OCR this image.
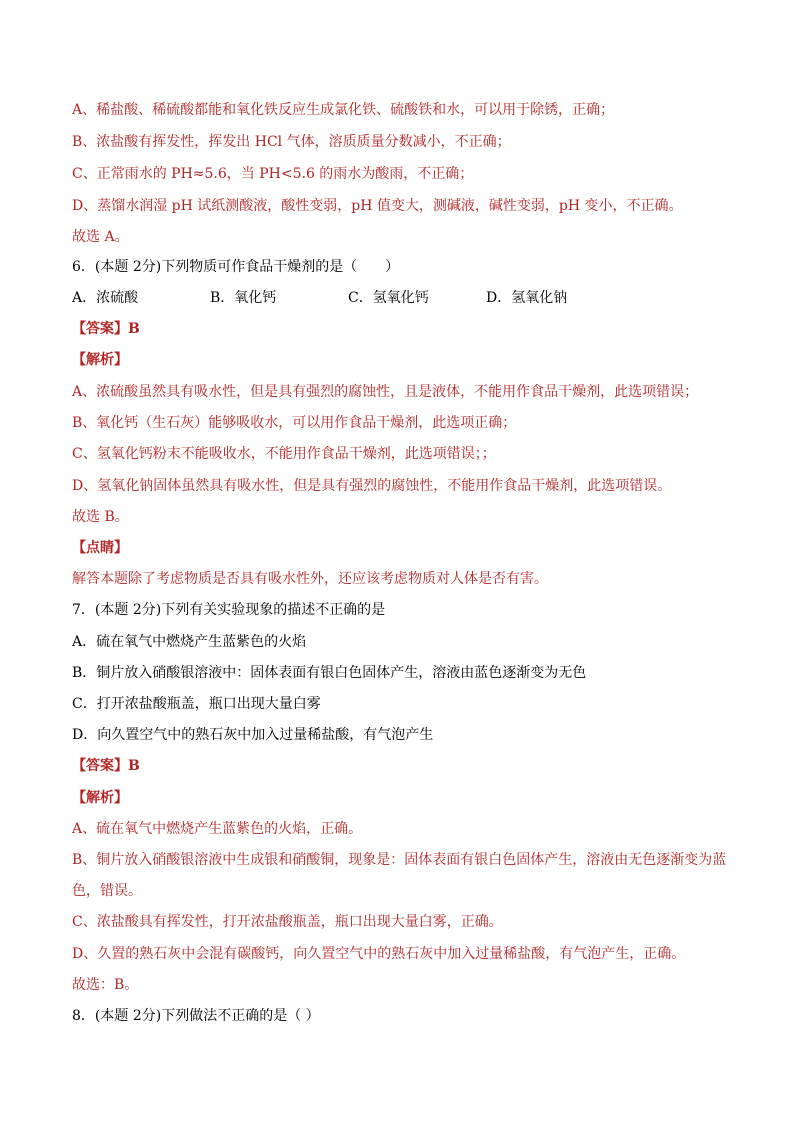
A、稀盐酸、稀硫酸都能和氧化铁反应生成氯化铁、硫酸铁和水，可以用于除锈，正确；
B、浓盐酸有挥发性，挥发出 HCl 气体，溶质质量分数减小，不正确；
C、正常雨水的 PH≈5.6，当 PH<5.6 的雨水为酸雨，不正确；
D、蒸馏水润湿 pH 试纸测酸液，酸性变弱，pH 值变大，测碱液，碱性变弱，pH 变小，不正确。
故选 A。
6．(本题 2分)下列物质可作食品干燥剂的是（　　）
A．浓硫酸	B．氧化钙	C．氢氧化钙	D．氢氧化钠
【答案】B
【解析】
A、浓硫酸虽然具有吸水性，但是具有强烈的腐蚀性，且是液体，不能用作食品干燥剂，此选项错误；
B、氧化钙（生石灰）能够吸收水，可以用作食品干燥剂，此选项正确；
C、氢氧化钙粉末不能吸收水，不能用作食品干燥剂，此选项错误；；
D、氢氧化钠固体虽然具有吸水性，但是具有强烈的腐蚀性，不能用作食品干燥剂，此选项错误。
故选 B。
【点睛】
解答本题除了考虑物质是否具有吸水性外，还应该考虑物质对人体是否有害。
7．(本题 2分)下列有关实验现象的描述不正确的是
A．硫在氧气中燃烧产生蓝紫色的火焰
B．铜片放入硝酸银溶液中：固体表面有银白色固体产生，溶液由蓝色逐渐变为无色
C．打开浓盐酸瓶盖，瓶口出现大量白雾
D．向久置空气中的熟石灰中加入过量稀盐酸，有气泡产生
【答案】B
【解析】
A、硫在氧气中燃烧产生蓝紫色的火焰，正确。
B、铜片放入硝酸银溶液中生成银和硝酸铜，现象是：固体表面有银白色固体产生，溶液由无色逐渐变为蓝
色，错误。
C、浓盐酸具有挥发性，打开浓盐酸瓶盖，瓶口出现大量白雾，正确。
D、久置的熟石灰中会混有碳酸钙，向久置空气中的熟石灰中加入过量稀盐酸，有气泡产生，正确。
故选：B。
8．(本题 2分)下列做法不正确的是（ ）
